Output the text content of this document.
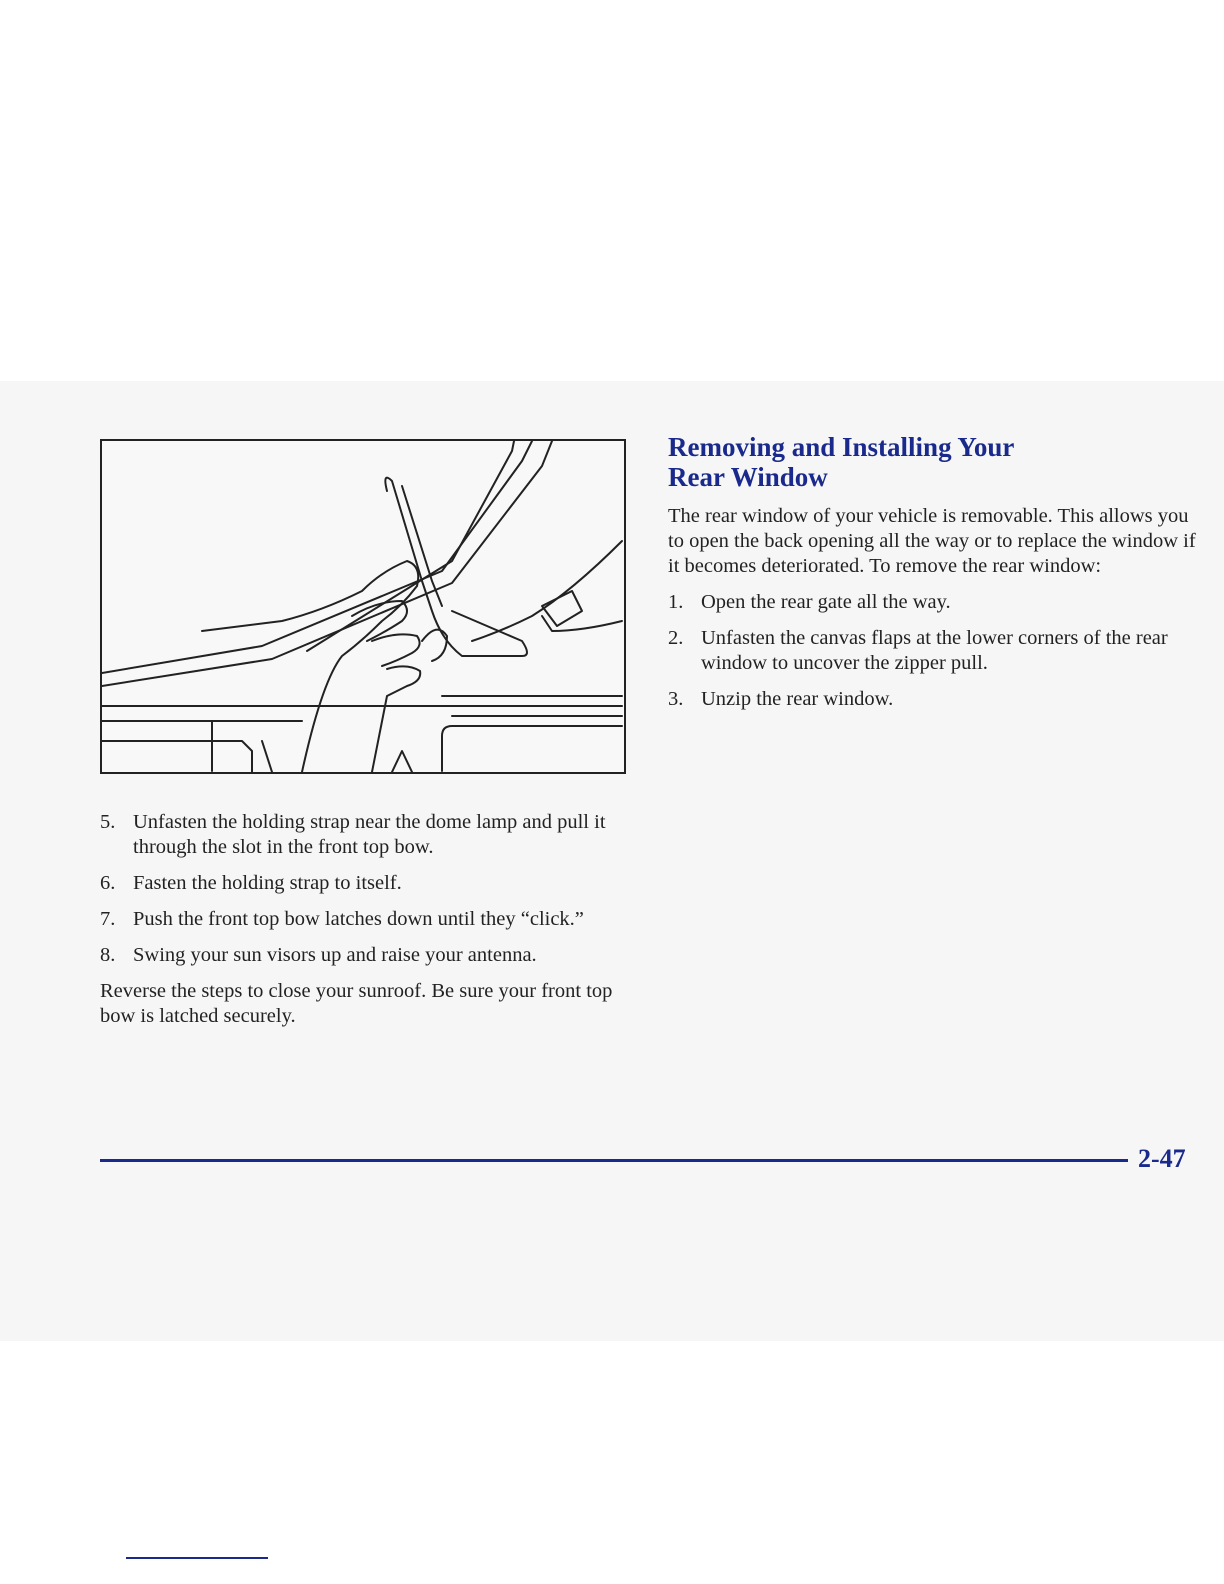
5. Unfasten the holding strap near the dome lamp and pull it through the slot in the front top bow.
6. Fasten the holding strap to itself.
7. Push the front top bow latches down until they “click.”
8. Swing your sun visors up and raise your antenna.

Reverse the steps to close your sunroof. Be sure your front top bow is latched securely.

Removing and Installing Your
Rear Window

The rear window of your vehicle is removable. This allows you to open the back opening all the way or to replace the window if it becomes deteriorated. To remove the rear window:

1. Open the rear gate all the way.
2. Unfasten the canvas flaps at the lower corners of the rear window to uncover the zipper pull.
3. Unzip the rear window.
2-47
